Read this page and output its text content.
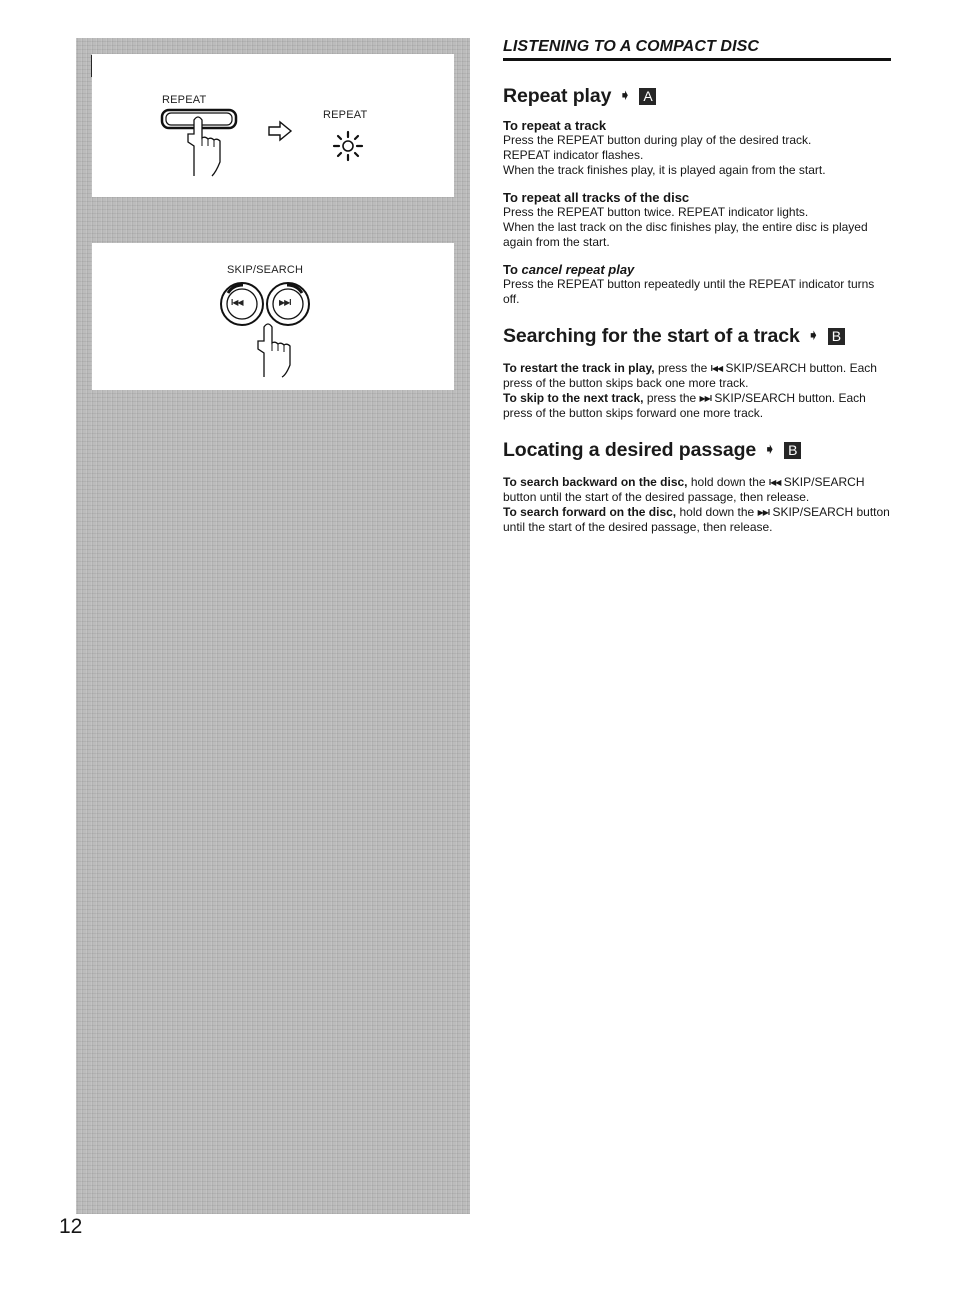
REPEAT
REPEAT
SKIP/SEARCH
I◀◀	▶▶I
LISTENING TO A COMPACT DISC
Repeat play ➧ A
To repeat a track

Press the REPEAT button during play of the desired track.

REPEAT indicator flashes.

When the track finishes play, it is played again from the start.

To repeat all tracks of the disc

Press the REPEAT button twice. REPEAT indicator lights.

When the last track on the disc finishes play, the entire disc is played again from the start.

To cancel repeat play

Press the REPEAT button repeatedly until the REPEAT indicator turns off.

Searching for the start of a track ➧ B

To restart the track in play, press the I◀◀ SKIP/SEARCH button. Each press of the button skips back one more track.

To skip to the next track, press the ▶▶I SKIP/SEARCH button. Each press of the button skips forward one more track.

Locating a desired passage ➧ B

To search backward on the disc, hold down the I◀◀ SKIP/SEARCH button until the start of the desired passage, then release.

To search forward on the disc, hold down the ▶▶I SKIP/SEARCH button until the start of the desired passage, then release.

12
